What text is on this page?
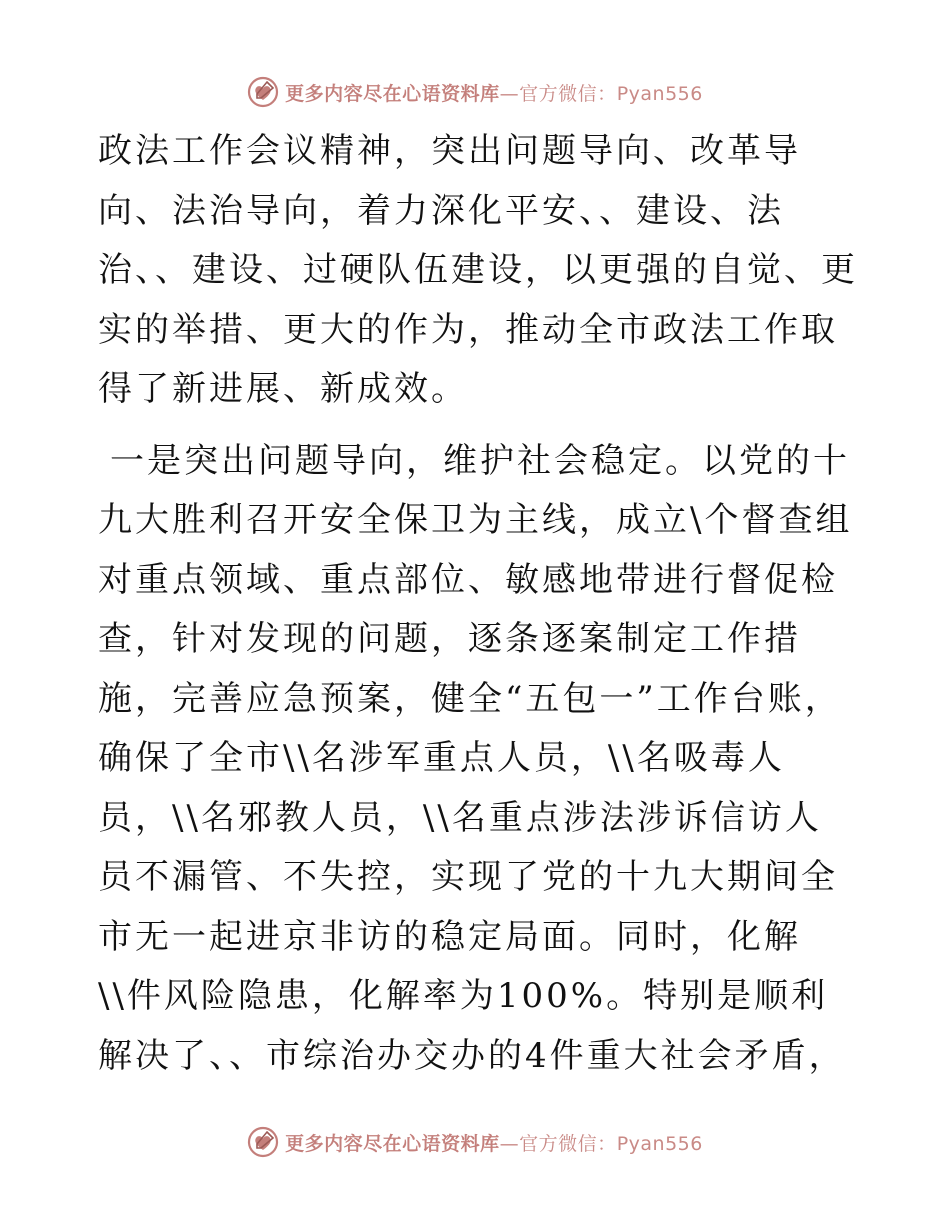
更多内容尽在心语资料库—官方微信：Pyan556

政法工作会议精神，突出问题导向、改革导向、法治导向，着力深化平安、、建设、法治、、建设、过硬队伍建设，以更强的自觉、更实的举措、更大的作为，推动全市政法工作取得了新进展、新成效。

一是突出问题导向，维护社会稳定。以党的十九大胜利召开安全保卫为主线，成立\个督查组对重点领域、重点部位、敏感地带进行督促检查，针对发现的问题，逐条逐案制定工作措施，完善应急预案，健全“五包一”工作台账，确保了全市\\名涉军重点人员，\\名吸毒人员，\\名邪教人员，\\名重点涉法涉诉信访人员不漏管、不失控，实现了党的十九大期间全市无一起进京非访的稳定局面。同时，化解\\件风险隐患，化解率为100%。特别是顺利解决了、、市综治办交办的4件重大社会矛盾，

更多内容尽在心语资料库—官方微信：Pyan556
